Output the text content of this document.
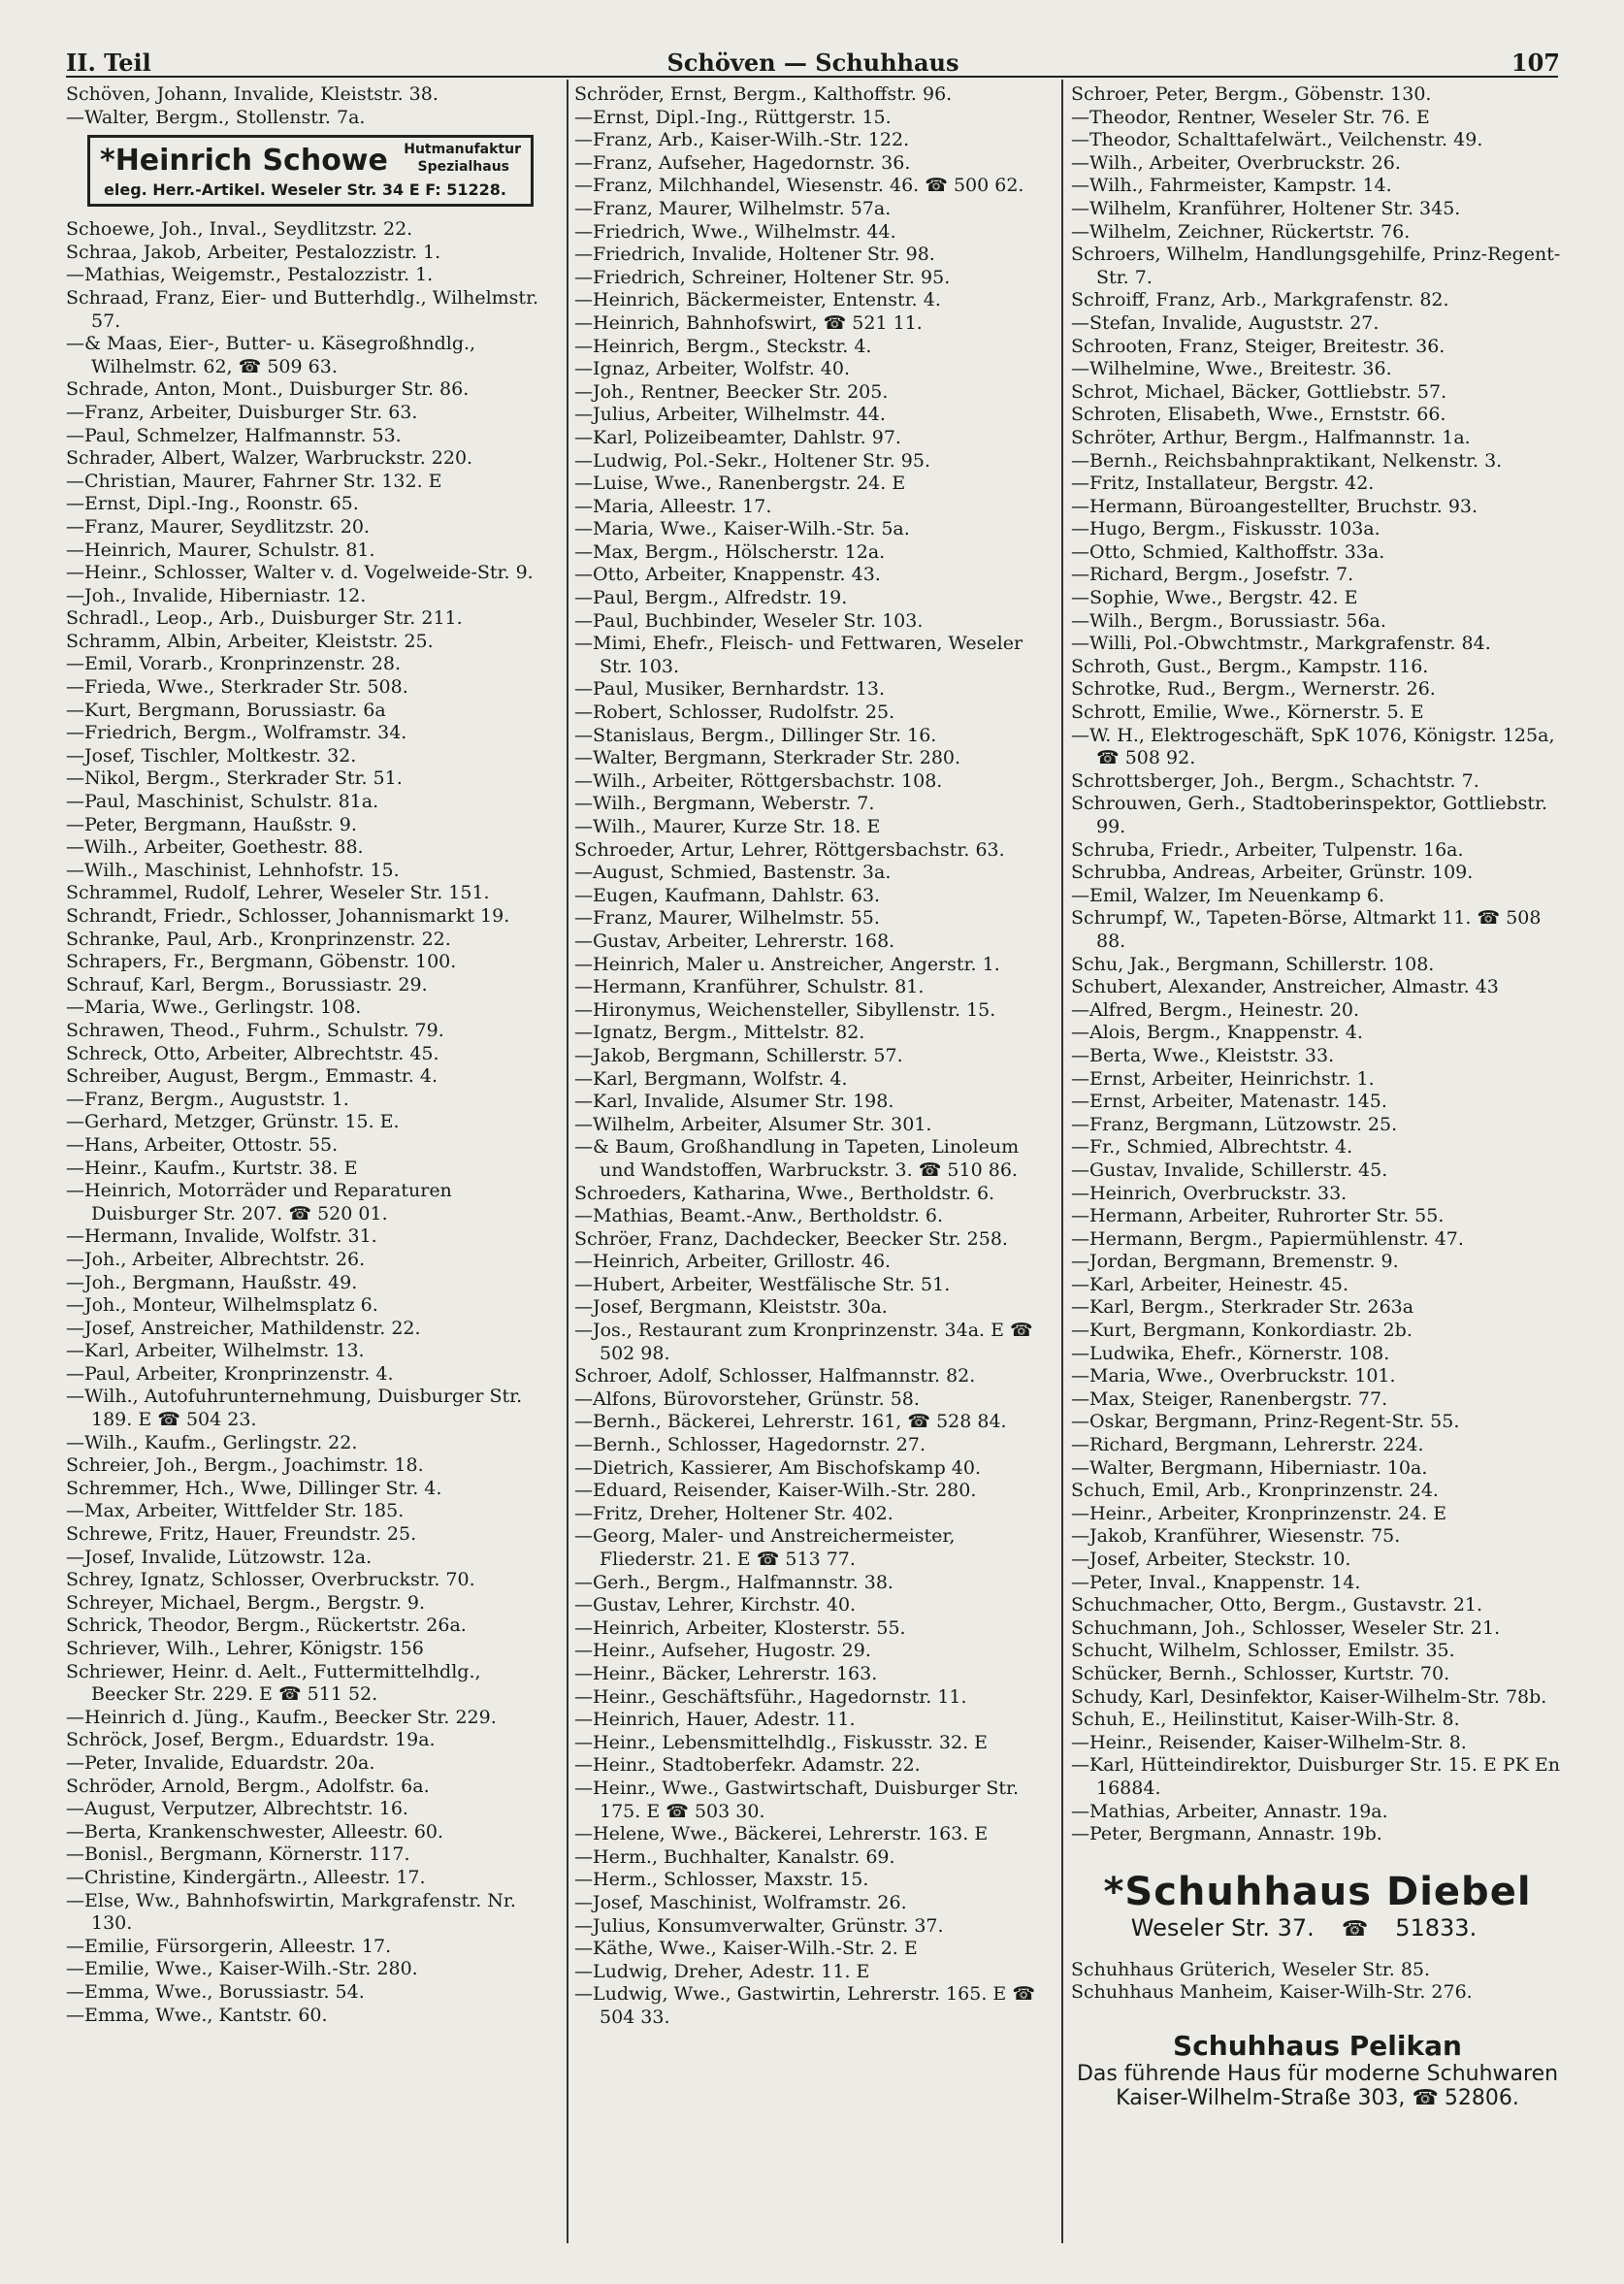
II. Teil	Schöven — Schuhhaus	107
Schöven, Johann, Invalide, Kleiststr. 38.
—Walter, Bergm., Stollenstr. 7a.
*Heinrich Schowe Hutmanufaktur
Spezialhaus
eleg. Herr.-Artikel. Weseler Str. 34 E F: 51228.
Schoewe, Joh., Inval., Seydlitzstr. 22.
Schraa, Jakob, Arbeiter, Pestalozzistr. 1.
—Mathias, Weigemstr., Pestalozzistr. 1.
Schraad, Franz, Eier- und Butterhdlg., Wilhelmstr. 57.
—& Maas, Eier-, Butter- u. Käsegroßhndlg., Wilhelmstr. 62, ☎ 509 63.
Schrade, Anton, Mont., Duisburger Str. 86.
—Franz, Arbeiter, Duisburger Str. 63.
—Paul, Schmelzer, Halfmannstr. 53.
Schrader, Albert, Walzer, Warbruckstr. 220.
—Christian, Maurer, Fahrner Str. 132. E
—Ernst, Dipl.-Ing., Roonstr. 65.
—Franz, Maurer, Seydlitzstr. 20.
—Heinrich, Maurer, Schulstr. 81.
—Heinr., Schlosser, Walter v. d. Vogelweide-Str. 9.
—Joh., Invalide, Hiberniastr. 12.
Schradl., Leop., Arb., Duisburger Str. 211.
Schramm, Albin, Arbeiter, Kleiststr. 25.
—Emil, Vorarb., Kronprinzenstr. 28.
—Frieda, Wwe., Sterkrader Str. 508.
—Kurt, Bergmann, Borussiastr. 6a
—Friedrich, Bergm., Wolframstr. 34.
—Josef, Tischler, Moltkestr. 32.
—Nikol, Bergm., Sterkrader Str. 51.
—Paul, Maschinist, Schulstr. 81a.
—Peter, Bergmann, Haußstr. 9.
—Wilh., Arbeiter, Goethestr. 88.
—Wilh., Maschinist, Lehnhofstr. 15.
Schrammel, Rudolf, Lehrer, Weseler Str. 151.
Schrandt, Friedr., Schlosser, Johannismarkt 19.
Schranke, Paul, Arb., Kronprinzenstr. 22.
Schrapers, Fr., Bergmann, Göbenstr. 100.
Schrauf, Karl, Bergm., Borussiastr. 29.
—Maria, Wwe., Gerlingstr. 108.
Schrawen, Theod., Fuhrm., Schulstr. 79.
Schreck, Otto, Arbeiter, Albrechtstr. 45.
Schreiber, August, Bergm., Emmastr. 4.
—Franz, Bergm., Auguststr. 1.
—Gerhard, Metzger, Grünstr. 15. E.
—Hans, Arbeiter, Ottostr. 55.
—Heinr., Kaufm., Kurtstr. 38. E
—Heinrich, Motorräder und Reparaturen Duisburger Str. 207. ☎ 520 01.
—Hermann, Invalide, Wolfstr. 31.
—Joh., Arbeiter, Albrechtstr. 26.
—Joh., Bergmann, Haußstr. 49.
—Joh., Monteur, Wilhelmsplatz 6.
—Josef, Anstreicher, Mathildenstr. 22.
—Karl, Arbeiter, Wilhelmstr. 13.
—Paul, Arbeiter, Kronprinzenstr. 4.
—Wilh., Autofuhrunternehmung, Duisburger Str. 189. E ☎ 504 23.
—Wilh., Kaufm., Gerlingstr. 22.
Schreier, Joh., Bergm., Joachimstr. 18.
Schremmer, Hch., Wwe, Dillinger Str. 4.
—Max, Arbeiter, Wittfelder Str. 185.
Schrewe, Fritz, Hauer, Freundstr. 25.
—Josef, Invalide, Lützowstr. 12a.
Schrey, Ignatz, Schlosser, Overbruckstr. 70.
Schreyer, Michael, Bergm., Bergstr. 9.
Schrick, Theodor, Bergm., Rückertstr. 26a.
Schriever, Wilh., Lehrer, Königstr. 156
Schriewer, Heinr. d. Aelt., Futtermittelhdlg., Beecker Str. 229. E ☎ 511 52.
—Heinrich d. Jüng., Kaufm., Beecker Str. 229.
Schröck, Josef, Bergm., Eduardstr. 19a.
—Peter, Invalide, Eduardstr. 20a.
Schröder, Arnold, Bergm., Adolfstr. 6a.
—August, Verputzer, Albrechtstr. 16.
—Berta, Krankenschwester, Alleestr. 60.
—Bonisl., Bergmann, Körnerstr. 117.
—Christine, Kindergärtn., Alleestr. 17.
—Else, Ww., Bahnhofswirtin, Markgrafenstr. Nr. 130.
—Emilie, Fürsorgerin, Alleestr. 17.
—Emilie, Wwe., Kaiser-Wilh.-Str. 280.
—Emma, Wwe., Borussiastr. 54.
—Emma, Wwe., Kantstr. 60.
Schröder, Ernst, Bergm., Kalthoffstr. 96.
—Ernst, Dipl.-Ing., Rüttgerstr. 15.
—Franz, Arb., Kaiser-Wilh.-Str. 122.
—Franz, Aufseher, Hagedornstr. 36.
—Franz, Milchhandel, Wiesenstr. 46. ☎ 500 62.
—Franz, Maurer, Wilhelmstr. 57a.
—Friedrich, Wwe., Wilhelmstr. 44.
—Friedrich, Invalide, Holtener Str. 98.
—Friedrich, Schreiner, Holtener Str. 95.
—Heinrich, Bäckermeister, Entenstr. 4.
—Heinrich, Bahnhofswirt, ☎ 521 11.
—Heinrich, Bergm., Steckstr. 4.
—Ignaz, Arbeiter, Wolfstr. 40.
—Joh., Rentner, Beecker Str. 205.
—Julius, Arbeiter, Wilhelmstr. 44.
—Karl, Polizeibeamter, Dahlstr. 97.
—Ludwig, Pol.-Sekr., Holtener Str. 95.
—Luise, Wwe., Ranenbergstr. 24. E
—Maria, Alleestr. 17.
—Maria, Wwe., Kaiser-Wilh.-Str. 5a.
—Max, Bergm., Hölscherstr. 12a.
—Otto, Arbeiter, Knappenstr. 43.
—Paul, Bergm., Alfredstr. 19.
—Paul, Buchbinder, Weseler Str. 103.
—Mimi, Ehefr., Fleisch- und Fettwaren, Weseler Str. 103.
—Paul, Musiker, Bernhardstr. 13.
—Robert, Schlosser, Rudolfstr. 25.
—Stanislaus, Bergm., Dillinger Str. 16.
—Walter, Bergmann, Sterkrader Str. 280.
—Wilh., Arbeiter, Röttgersbachstr. 108.
—Wilh., Bergmann, Weberstr. 7.
—Wilh., Maurer, Kurze Str. 18. E
Schroeder, Artur, Lehrer, Röttgersbachstr. 63.
—August, Schmied, Bastenstr. 3a.
—Eugen, Kaufmann, Dahlstr. 63.
—Franz, Maurer, Wilhelmstr. 55.
—Gustav, Arbeiter, Lehrerstr. 168.
—Heinrich, Maler u. Anstreicher, Angerstr. 1.
—Hermann, Kranführer, Schulstr. 81.
—Hironymus, Weichensteller, Sibyllenstr. 15.
—Ignatz, Bergm., Mittelstr. 82.
—Jakob, Bergmann, Schillerstr. 57.
—Karl, Bergmann, Wolfstr. 4.
—Karl, Invalide, Alsumer Str. 198.
—Wilhelm, Arbeiter, Alsumer Str. 301.
—& Baum, Großhandlung in Tapeten, Linoleum und Wandstoffen, Warbruckstr. 3. ☎ 510 86.
Schroeders, Katharina, Wwe., Bertholdstr. 6.
—Mathias, Beamt.-Anw., Bertholdstr. 6.
Schröer, Franz, Dachdecker, Beecker Str. 258.
—Heinrich, Arbeiter, Grillostr. 46.
—Hubert, Arbeiter, Westfälische Str. 51.
—Josef, Bergmann, Kleiststr. 30a.
—Jos., Restaurant zum Kronprinzenstr. 34a. E ☎ 502 98.
Schroer, Adolf, Schlosser, Halfmannstr. 82.
—Alfons, Bürovorsteher, Grünstr. 58.
—Bernh., Bäckerei, Lehrerstr. 161, ☎ 528 84.
—Bernh., Schlosser, Hagedornstr. 27.
—Dietrich, Kassierer, Am Bischofskamp 40.
—Eduard, Reisender, Kaiser-Wilh.-Str. 280.
—Fritz, Dreher, Holtener Str. 402.
—Georg, Maler- und Anstreichermeister, Fliederstr. 21. E ☎ 513 77.
—Gerh., Bergm., Halfmannstr. 38.
—Gustav, Lehrer, Kirchstr. 40.
—Heinrich, Arbeiter, Klosterstr. 55.
—Heinr., Aufseher, Hugostr. 29.
—Heinr., Bäcker, Lehrerstr. 163.
—Heinr., Geschäftsführ., Hagedornstr. 11.
—Heinrich, Hauer, Adestr. 11.
—Heinr., Lebensmittelhdlg., Fiskusstr. 32. E
—Heinr., Stadtoberfekr. Adamstr. 22.
—Heinr., Wwe., Gastwirtschaft, Duisburger Str. 175. E ☎ 503 30.
—Helene, Wwe., Bäckerei, Lehrerstr. 163. E
—Herm., Buchhalter, Kanalstr. 69.
—Herm., Schlosser, Maxstr. 15.
—Josef, Maschinist, Wolframstr. 26.
—Julius, Konsumverwalter, Grünstr. 37.
—Käthe, Wwe., Kaiser-Wilh.-Str. 2. E
—Ludwig, Dreher, Adestr. 11. E
—Ludwig, Wwe., Gastwirtin, Lehrerstr. 165. E ☎ 504 33.
Schroer, Peter, Bergm., Göbenstr. 130.
—Theodor, Rentner, Weseler Str. 76. E
—Theodor, Schalttafelwärt., Veilchenstr. 49.
—Wilh., Arbeiter, Overbruckstr. 26.
—Wilh., Fahrmeister, Kampstr. 14.
—Wilhelm, Kranführer, Holtener Str. 345.
—Wilhelm, Zeichner, Rückertstr. 76.
Schroers, Wilhelm, Handlungsgehilfe, Prinz-Regent-Str. 7.
Schroiff, Franz, Arb., Markgrafenstr. 82.
—Stefan, Invalide, Auguststr. 27.
Schrooten, Franz, Steiger, Breitestr. 36.
—Wilhelmine, Wwe., Breitestr. 36.
Schrot, Michael, Bäcker, Gottliebstr. 57.
Schroten, Elisabeth, Wwe., Ernststr. 66.
Schröter, Arthur, Bergm., Halfmannstr. 1a.
—Bernh., Reichsbahnpraktikant, Nelkenstr. 3.
—Fritz, Installateur, Bergstr. 42.
—Hermann, Büroangestellter, Bruchstr. 93.
—Hugo, Bergm., Fiskusstr. 103a.
—Otto, Schmied, Kalthoffstr. 33a.
—Richard, Bergm., Josefstr. 7.
—Sophie, Wwe., Bergstr. 42. E
—Wilh., Bergm., Borussiastr. 56a.
—Willi, Pol.-Obwchtmstr., Markgrafenstr. 84.
Schroth, Gust., Bergm., Kampstr. 116.
Schrotke, Rud., Bergm., Wernerstr. 26.
Schrott, Emilie, Wwe., Körnerstr. 5. E
—W. H., Elektrogeschäft, SpK 1076, Königstr. 125a, ☎ 508 92.
Schrottsberger, Joh., Bergm., Schachtstr. 7.
Schrouwen, Gerh., Stadtoberinspektor, Gottliebstr. 99.
Schruba, Friedr., Arbeiter, Tulpenstr. 16a.
Schrubba, Andreas, Arbeiter, Grünstr. 109.
—Emil, Walzer, Im Neuenkamp 6.
Schrumpf, W., Tapeten-Börse, Altmarkt 11. ☎ 508 88.
Schu, Jak., Bergmann, Schillerstr. 108.
Schubert, Alexander, Anstreicher, Almastr. 43
—Alfred, Bergm., Heinestr. 20.
—Alois, Bergm., Knappenstr. 4.
—Berta, Wwe., Kleiststr. 33.
—Ernst, Arbeiter, Heinrichstr. 1.
—Ernst, Arbeiter, Matenastr. 145.
—Franz, Bergmann, Lützowstr. 25.
—Fr., Schmied, Albrechtstr. 4.
—Gustav, Invalide, Schillerstr. 45.
—Heinrich, Overbruckstr. 33.
—Hermann, Arbeiter, Ruhrorter Str. 55.
—Hermann, Bergm., Papiermühlenstr. 47.
—Jordan, Bergmann, Bremenstr. 9.
—Karl, Arbeiter, Heinestr. 45.
—Karl, Bergm., Sterkrader Str. 263a
—Kurt, Bergmann, Konkordiastr. 2b.
—Ludwika, Ehefr., Körnerstr. 108.
—Maria, Wwe., Overbruckstr. 101.
—Max, Steiger, Ranenbergstr. 77.
—Oskar, Bergmann, Prinz-Regent-Str. 55.
—Richard, Bergmann, Lehrerstr. 224.
—Walter, Bergmann, Hiberniastr. 10a.
Schuch, Emil, Arb., Kronprinzenstr. 24.
—Heinr., Arbeiter, Kronprinzenstr. 24. E
—Jakob, Kranführer, Wiesenstr. 75.
—Josef, Arbeiter, Steckstr. 10.
—Peter, Inval., Knappenstr. 14.
Schuchmacher, Otto, Bergm., Gustavstr. 21.
Schuchmann, Joh., Schlosser, Weseler Str. 21.
Schucht, Wilhelm, Schlosser, Emilstr. 35.
Schücker, Bernh., Schlosser, Kurtstr. 70.
Schudy, Karl, Desinfektor, Kaiser-Wilhelm-Str. 78b.
Schuh, E., Heilinstitut, Kaiser-Wilh-Str. 8.
—Heinr., Reisender, Kaiser-Wilhelm-Str. 8.
—Karl, Hütteindirektor, Duisburger Str. 15. E PK En 16884.
—Mathias, Arbeiter, Annastr. 19a.
—Peter, Bergmann, Annastr. 19b.
*Schuhhaus Diebel
Weseler Str. 37. ☎ 51833.
Schuhhaus Grüterich, Weseler Str. 85.
Schuhhaus Manheim, Kaiser-Wilh-Str. 276.
Schuhhaus Pelikan
Das führende Haus für moderne Schuhwaren
Kaiser-Wilhelm-Straße 303, ☎ 52806.
